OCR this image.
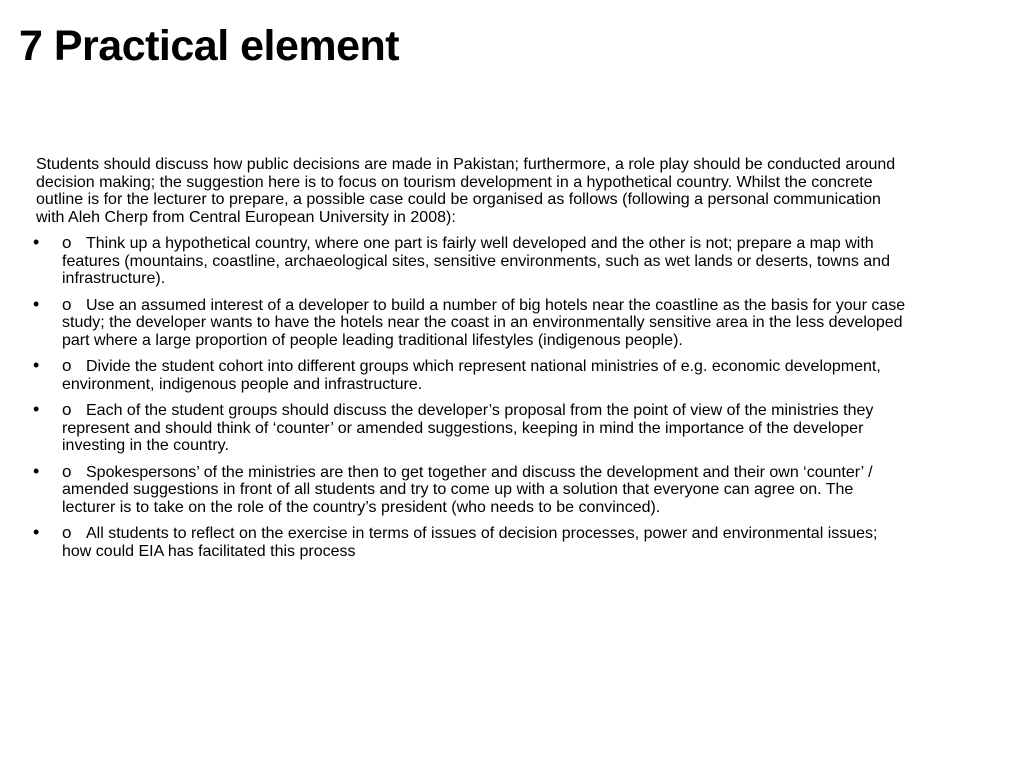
7 Practical element

Students should discuss how public decisions are made in Pakistan; furthermore, a role play should be conducted around decision making; the suggestion here is to focus on tourism development in a hypothetical country. Whilst the concrete outline is for the lecturer to prepare, a possible case could be organised as follows (following a personal communication with Aleh Cherp from Central European University in 2008):

• o Think up a hypothetical country, where one part is fairly well developed and the other is not; prepare a map with features (mountains, coastline, archaeological sites, sensitive environments, such as wet lands or deserts, towns and infrastructure).
• o Use an assumed interest of a developer to build a number of big hotels near the coastline as the basis for your case study; the developer wants to have the hotels near the coast in an environmentally sensitive area in the less developed part where a large proportion of people leading traditional lifestyles (indigenous people).
• o Divide the student cohort into different groups which represent national ministries of e.g. economic development, environment, indigenous people and infrastructure.
• o Each of the student groups should discuss the developer’s proposal from the point of view of the ministries they represent and should think of ‘counter’ or amended suggestions, keeping in mind the importance of the developer investing in the country.
• o Spokespersons’ of the ministries are then to get together and discuss the development and their own ‘counter’ / amended suggestions in front of all students and try to come up with a solution that everyone can agree on. The lecturer is to take on the role of the country’s president (who needs to be convinced).
• o All students to reflect on the exercise in terms of issues of decision processes, power and environmental issues; how could EIA has facilitated this process
